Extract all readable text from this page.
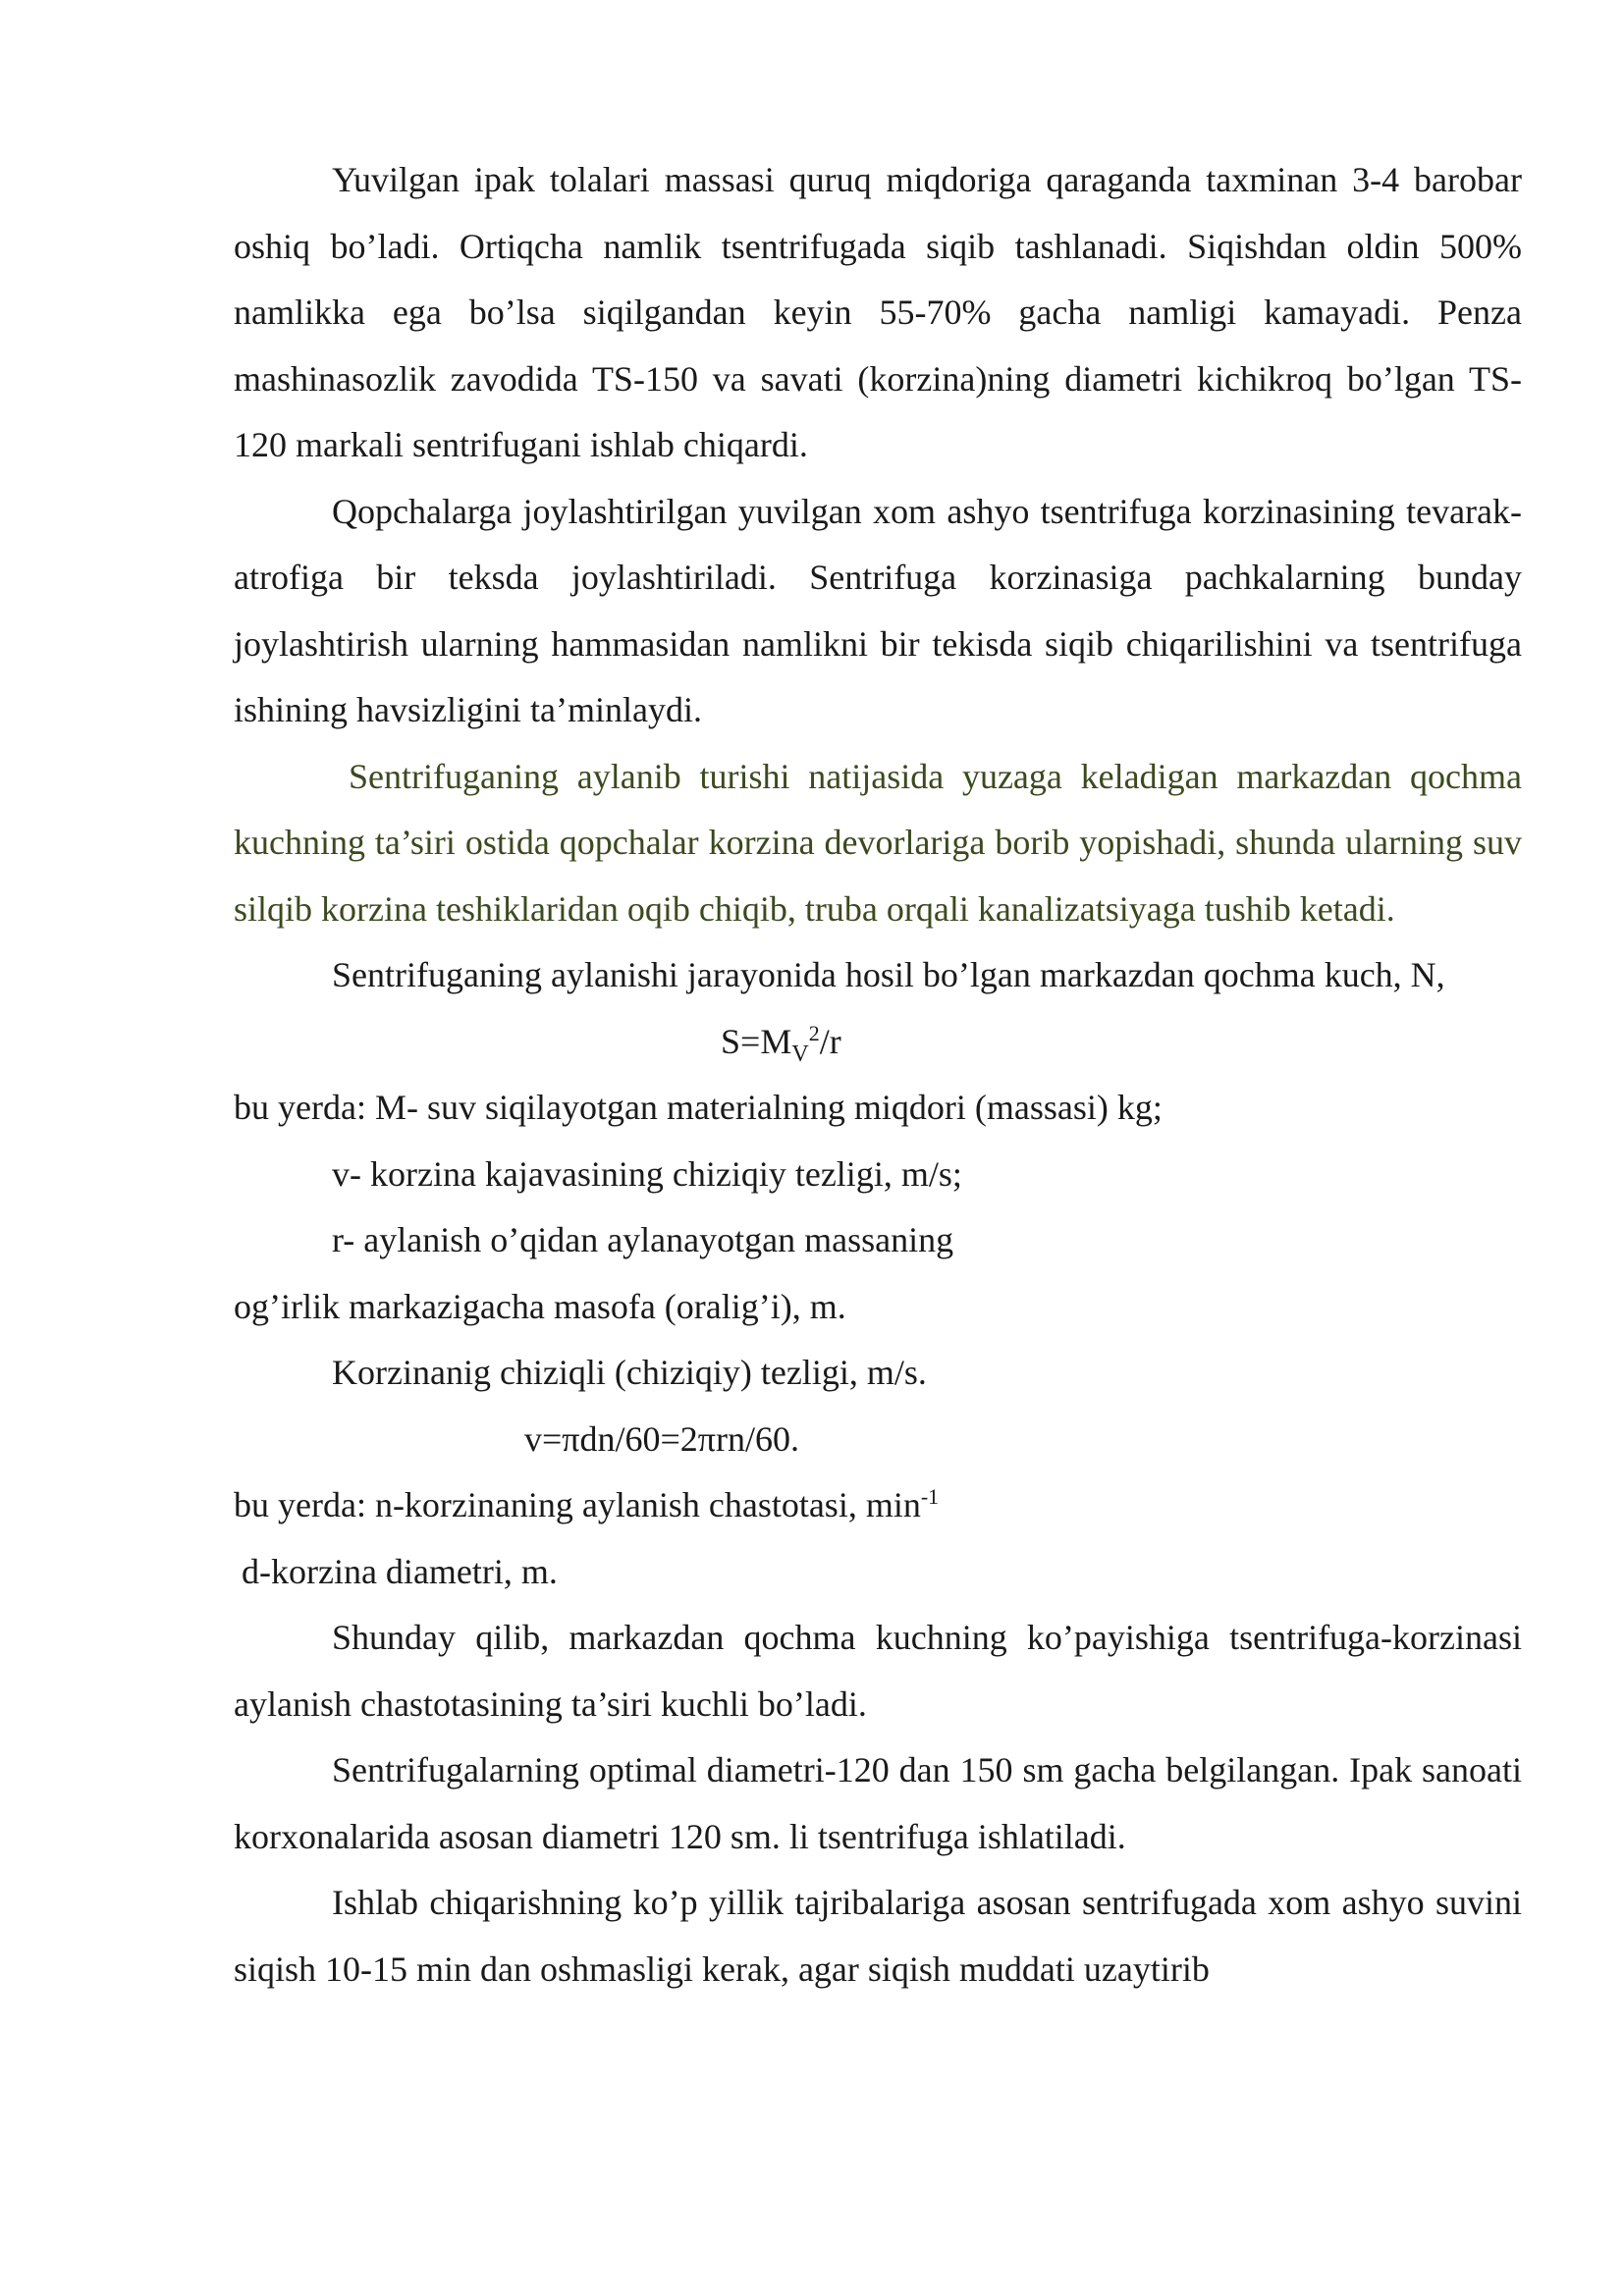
Yuvilgan ipak tolalari massasi quruq miqdoriga qaraganda taxminan 3-4 barobar oshiq bo’ladi. Ortiqcha namlik tsentrifugada siqib tashlanadi. Siqishdan oldin 500% namlikka ega bo’lsa siqilgandan keyin 55-70% gacha namligi kamayadi. Penza mashinasozlik zavodida TS-150 va savati (korzina)ning diametri kichikroq bo’lgan TS-120 markali sentrifugani ishlab chiqardi.

Qopchalarga joylashtirilgan yuvilgan xom ashyo tsentrifuga korzinasining tevarak-atrofiga bir teksda joylashtiriladi. Sentrifuga korzinasiga pachkalarning bunday joylashtirish ularning hammasidan namlikni bir tekisda siqib chiqarilishini va tsentrifuga ishining havsizligini ta’minlaydi.

Sentrifuganing aylanib turishi natijasida yuzaga keladigan markazdan qochma kuchning ta’siri ostida qopchalar korzina devorlariga borib yopishadi, shunda ularning suv silqib korzina teshiklaridan oqib chiqib, truba orqali kanalizatsiyaga tushib ketadi.

Sentrifuganing aylanishi jarayonida hosil bo’lgan markazdan qochma kuch, N,

$S=M_V^2/r$

bu yerda: M- suv siqilayotgan materialning miqdori (massasi) kg;

v- korzina kajavasining chiziqiy tezligi, m/s;

r- aylanish o’qidan aylanayotgan massaning

og’irlik markazigacha masofa (oralig’i), m.

Korzinanig chiziqli (chiziqiy) tezligi, m/s.

v=πdn/60=2πrn/60.

bu yerda: n-korzinaning aylanish chastotasi, $\min^{-1}$

d-korzina diametri, m.

Shunday qilib, markazdan qochma kuchning ko’payishiga tsentrifuga-korzinasi aylanish chastotasining ta’siri kuchli bo’ladi.

Sentrifugalarning optimal diametri-120 dan 150 sm gacha belgilangan. Ipak sanoati korxonalarida asosan diametri 120 sm. li tsentrifuga ishlatiladi.

Ishlab chiqarishning ko’p yillik tajribalariga asosan sentrifugada xom ashyo suvini siqish 10-15 min dan oshmasligi kerak, agar siqish muddati uzaytirib
